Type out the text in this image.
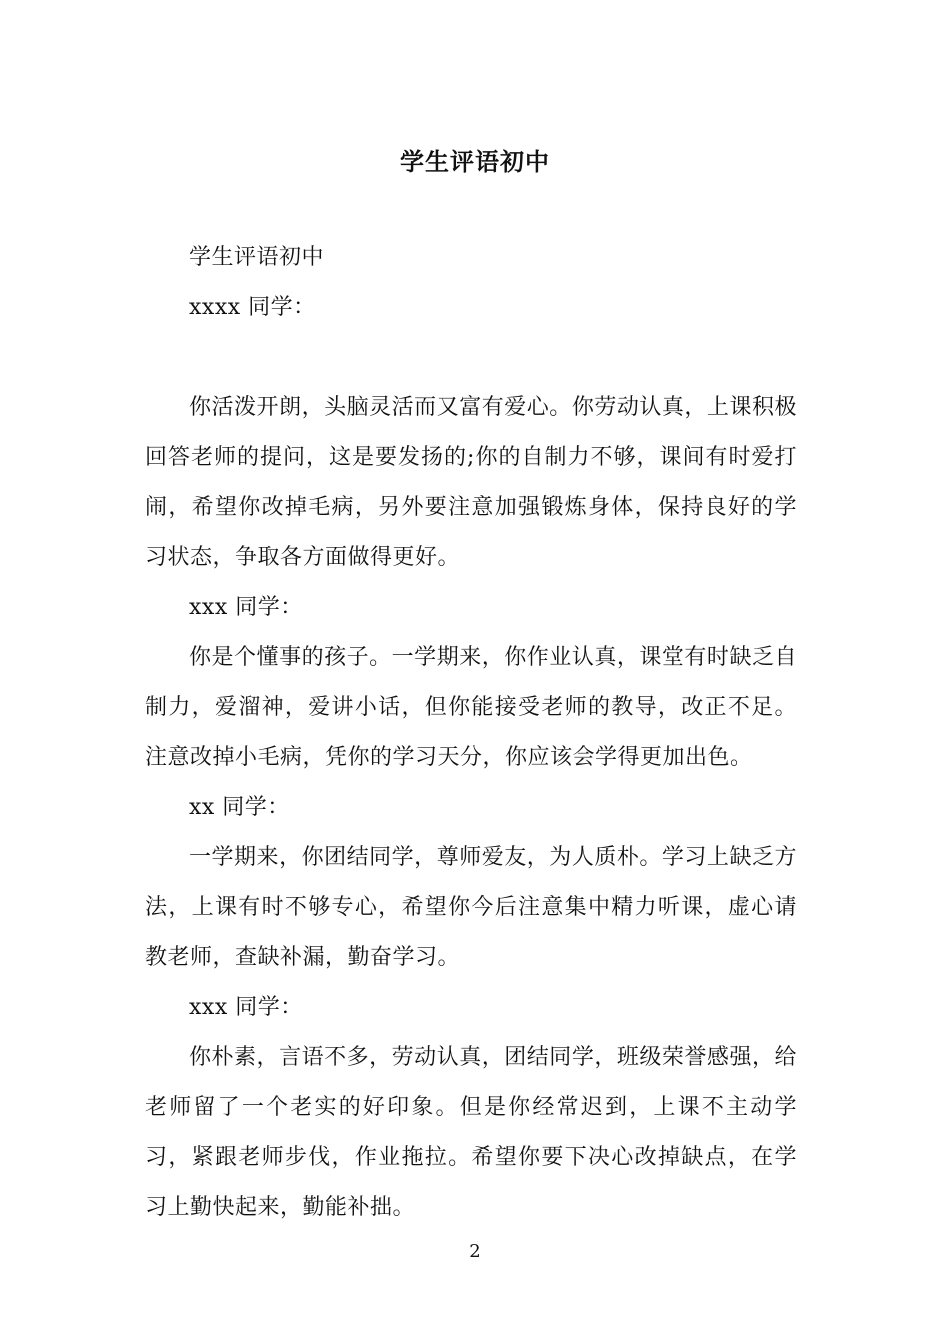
学生评语初中

学生评语初中

xxxx 同学：

你活泼开朗，头脑灵活而又富有爱心。你劳动认真，上课积极回答老师的提问，这是要发扬的;你的自制力不够，课间有时爱打闹，希望你改掉毛病，另外要注意加强锻炼身体，保持良好的学习状态，争取各方面做得更好。

xxx 同学：

你是个懂事的孩子。一学期来，你作业认真，课堂有时缺乏自制力，爱溜神，爱讲小话，但你能接受老师的教导，改正不足。注意改掉小毛病，凭你的学习天分，你应该会学得更加出色。

xx 同学：

一学期来，你团结同学，尊师爱友，为人质朴。学习上缺乏方法，上课有时不够专心，希望你今后注意集中精力听课，虚心请教老师，查缺补漏，勤奋学习。

xxx 同学：

你朴素，言语不多，劳动认真，团结同学，班级荣誉感强，给老师留了一个老实的好印象。但是你经常迟到，上课不主动学习，紧跟老师步伐，作业拖拉。希望你要下决心改掉缺点，在学习上勤快起来，勤能补拙。

2
